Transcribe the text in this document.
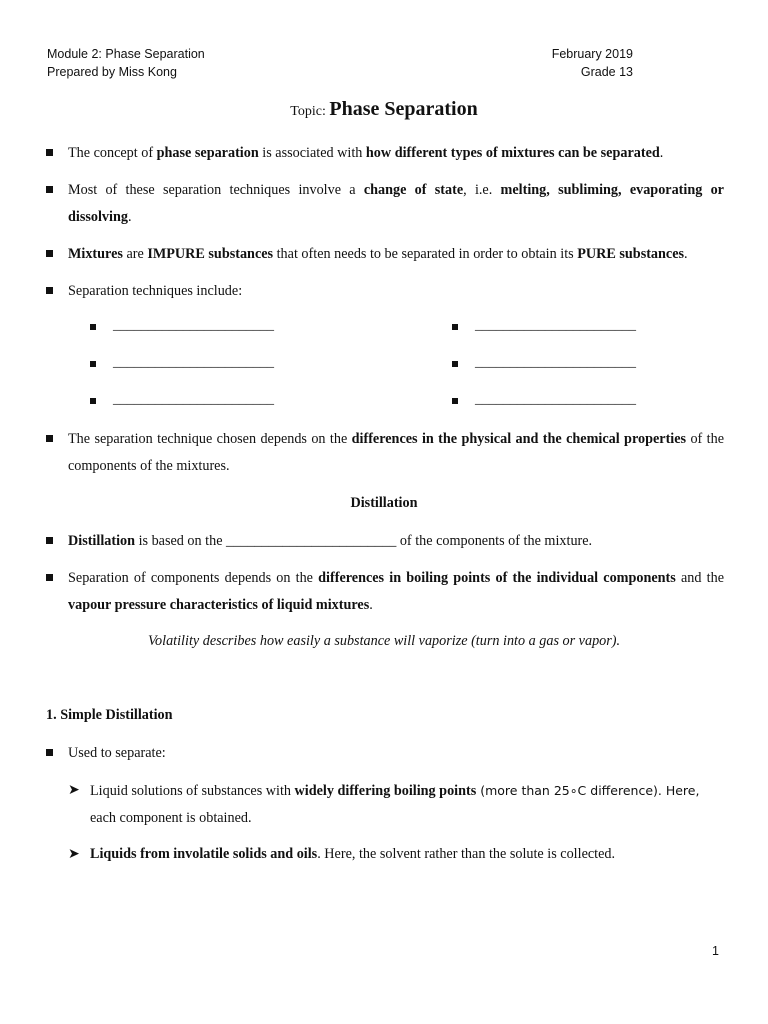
Module 2: Phase Separation
Prepared by Miss Kong
February 2019
Grade 13
Topic: Phase Separation
The concept of phase separation is associated with how different types of mixtures can be separated.
Most of these separation techniques involve a change of state, i.e. melting, subliming, evaporating or dissolving.
Mixtures are IMPURE substances that often needs to be separated in order to obtain its PURE substances.
Separation techniques include:
_______________________	_______________________
_______________________	_______________________
_______________________	_______________________
The separation technique chosen depends on the differences in the physical and the chemical properties of the components of the mixtures.
Distillation
Distillation is based on the ________________________ of the components of the mixture.
Separation of components depends on the differences in boiling points of the individual components and the vapour pressure characteristics of liquid mixtures.
Volatility describes how easily a substance will vaporize (turn into a gas or vapor).
1. Simple Distillation
Used to separate:
➤ Liquid solutions of substances with widely differing boiling points (more than 25∘C difference). Here,
each component is obtained.
➤ Liquids from involatile solids and oils. Here, the solvent rather than the solute is collected.
1
